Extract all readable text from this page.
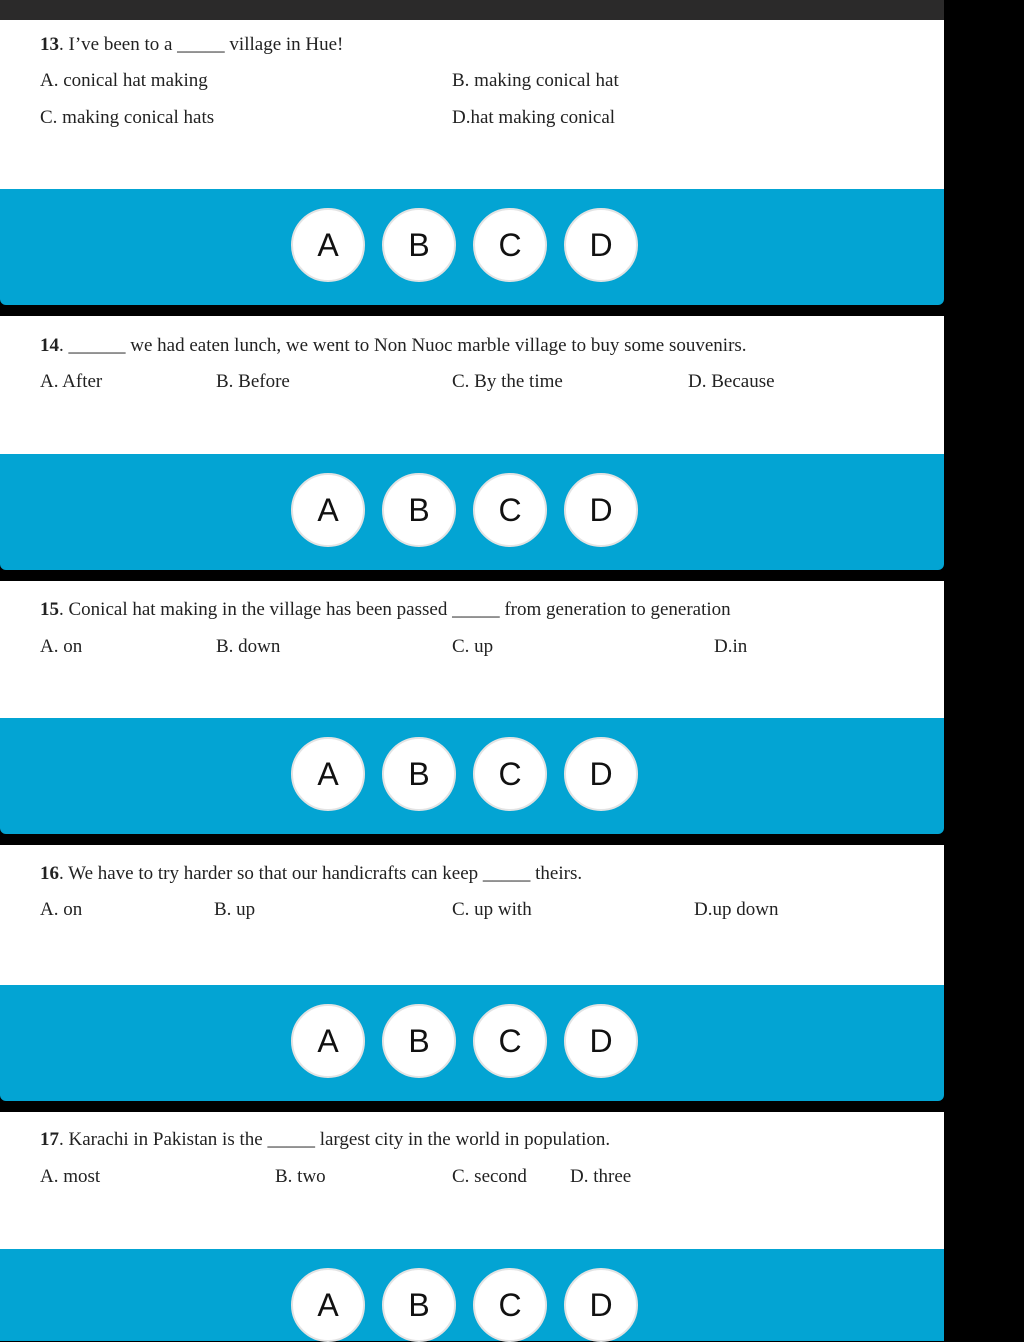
13. I’ve been to a _____ village in Hue!
A. conical hat making	B. making conical hat
C. making conical hats	D.hat making conical
A	B	C	D
14. ______ we had eaten lunch, we went to Non Nuoc marble village to buy some souvenirs.
A. After	B. Before	C. By the time	D. Because
A	B	C	D
15. Conical hat making in the village has been passed _____ from generation to generation
A. on	B. down	C. up	D.in
A	B	C	D
16. We have to try harder so that our handicrafts can keep _____ theirs.
A. on	B. up	C. up with	D.up down
A	B	C	D
17. Karachi in Pakistan is the _____ largest city in the world in population.
A. most	B. two	C. second D. three
A	B	C	D
